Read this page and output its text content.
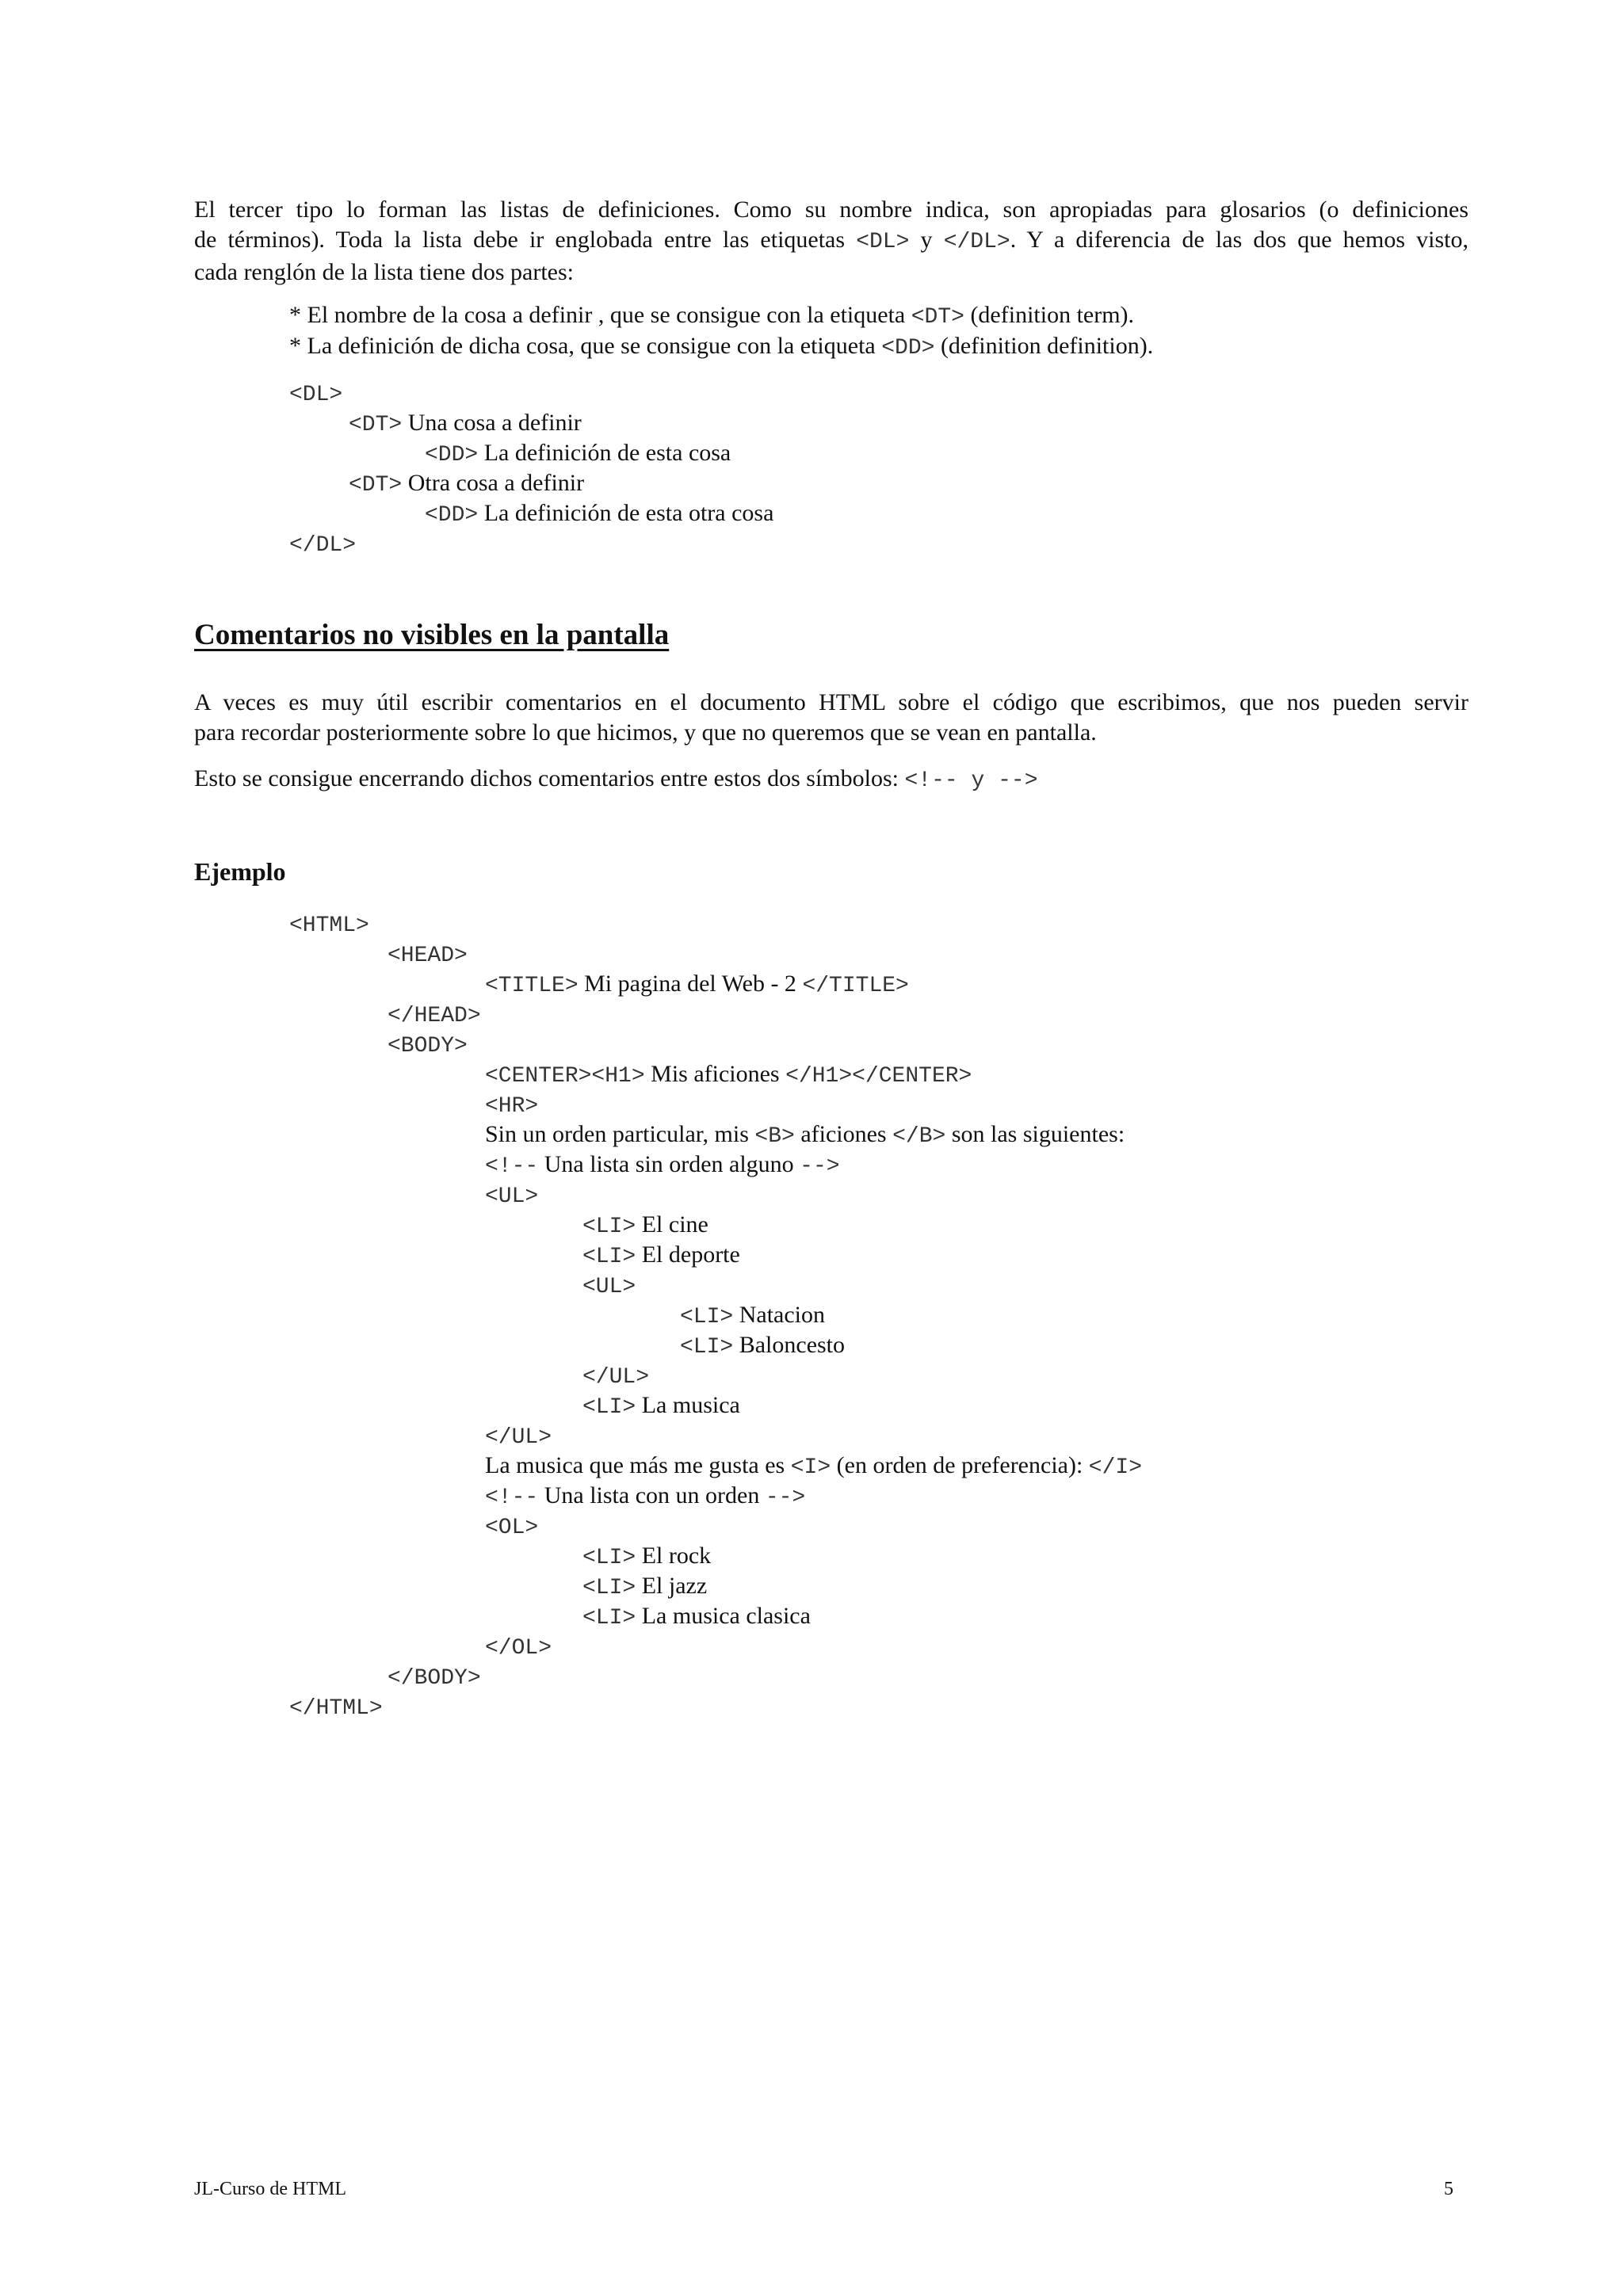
El tercer tipo lo forman las listas de definiciones. Como su nombre indica, son apropiadas para glosarios (o definiciones
de términos). Toda la lista debe ir englobada entre las etiquetas <DL> y </DL>. Y a diferencia de las dos que hemos visto,
cada renglón de la lista tiene dos partes:
* El nombre de la cosa a definir , que se consigue con la etiqueta <DT> (definition term).
* La definición de dicha cosa, que se consigue con la etiqueta <DD> (definition definition).
<DL>
<DT> Una cosa a definir
<DD> La definición de esta cosa
<DT> Otra cosa a definir
<DD> La definición de esta otra cosa
</DL>
Comentarios no visibles en la pantalla
A veces es muy útil escribir comentarios en el documento HTML sobre el código que escribimos, que nos pueden servir
para recordar posteriormente sobre lo que hicimos, y que no queremos que se vean en pantalla.
Esto se consigue encerrando dichos comentarios entre estos dos símbolos: <!-- y -->
Ejemplo
<HTML>
<HEAD>
<TITLE> Mi pagina del Web - 2 </TITLE>
</HEAD>
<BODY>
<CENTER><H1> Mis aficiones </H1></CENTER>
<HR>
Sin un orden particular, mis <B> aficiones </B> son las siguientes:
<!-- Una lista sin orden alguno -->
<UL>
<LI> El cine
<LI> El deporte
<UL>
<LI> Natacion
<LI> Baloncesto
</UL>
<LI> La musica
</UL>
La musica que más me gusta es <I> (en orden de preferencia): </I>
<!-- Una lista con un orden -->
<OL>
<LI> El rock
<LI> El jazz
<LI> La musica clasica
</OL>
</BODY>
</HTML>
JL-Curso de HTML	5
